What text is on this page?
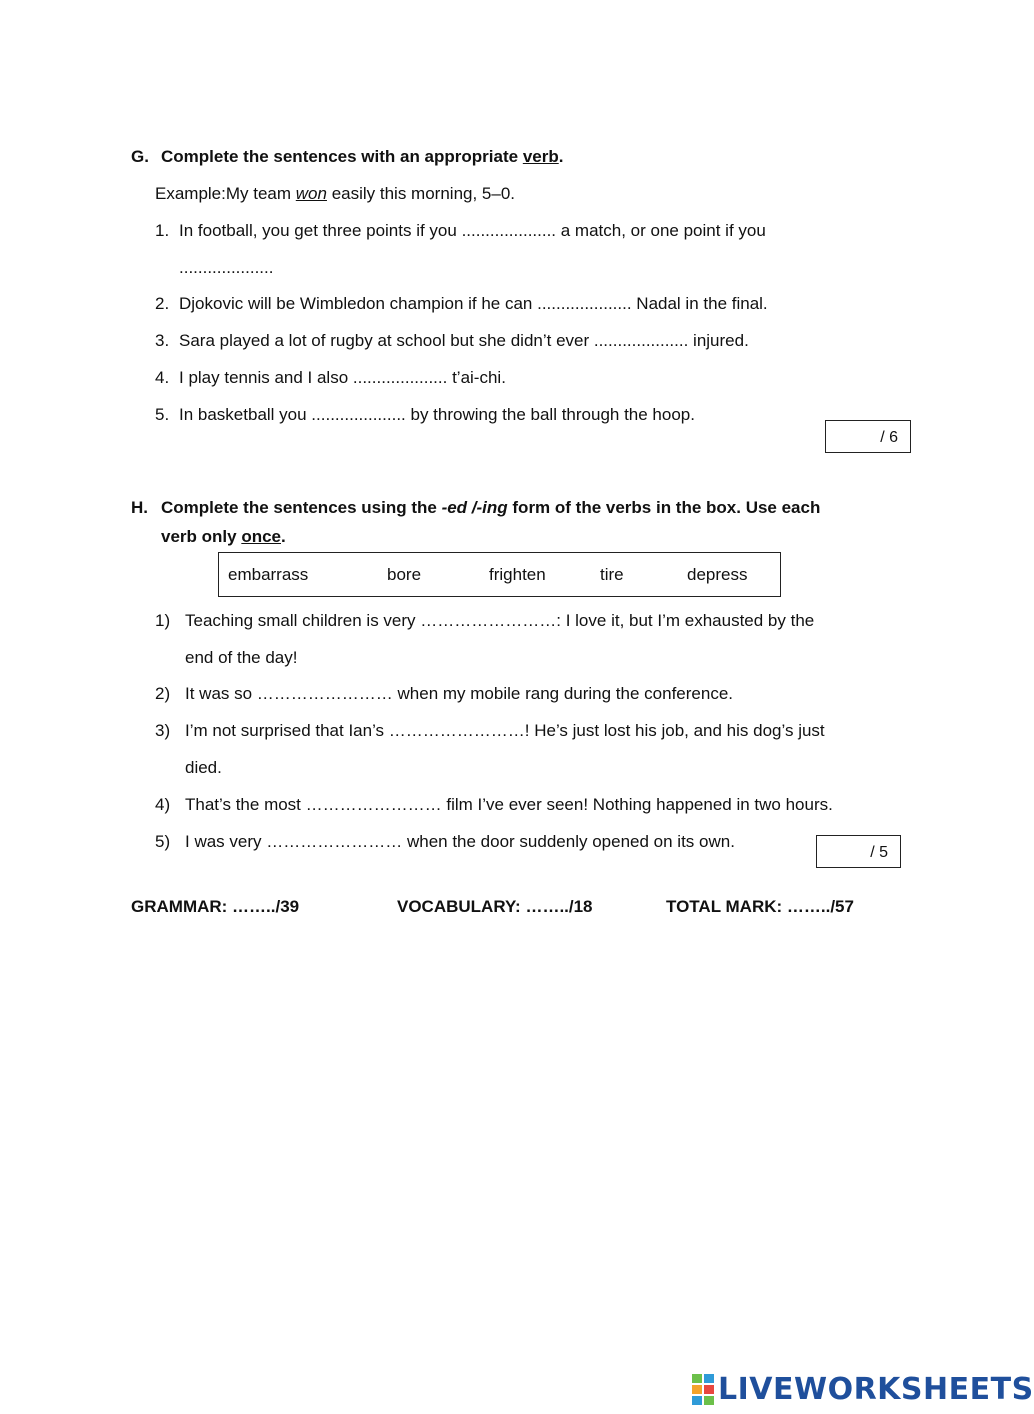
G. Complete the sentences with an appropriate verb.
Example:My team won easily this morning, 5–0.
1. In football, you get three points if you .................... a match, or one point if you
....................
2. Djokovic will be Wimbledon champion if he can .................... Nadal in the final.
3. Sara played a lot of rugby at school but she didn’t ever .................... injured.
4. I play tennis and I also .................... t’ai-chi.
5. In basketball you .................... by throwing the ball through the hoop.
/ 6
H. Complete the sentences using the -ed /-ing form of the verbs in the box. Use each
verb only once.
embarrass	bore	frighten	tire	depress
1) Teaching small children is very ……………………: I love it, but I’m exhausted by the
end of the day!
2) It was so …………………… when my mobile rang during the conference.
3) I’m not surprised that Ian’s ……………………! He’s just lost his job, and his dog’s just
died.
4) That’s the most …………………… film I’ve ever seen! Nothing happened in two hours.
5) I was very …………………… when the door suddenly opened on its own.
/ 5
GRAMMAR: ……../39	VOCABULARY: ……../18	TOTAL MARK: ……../57
LIVEWORKSHEETS
